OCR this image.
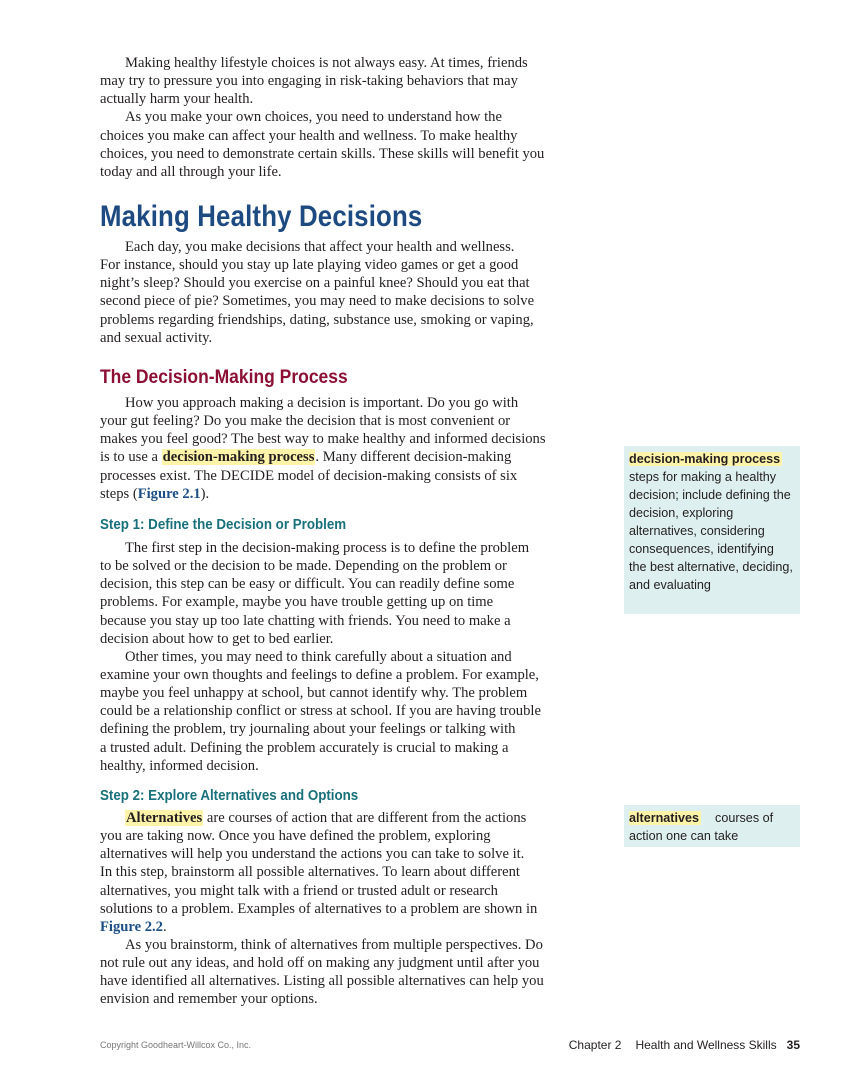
Making healthy lifestyle choices is not always easy. At times, friends
may try to pressure you into engaging in risk-taking behaviors that may
actually harm your health.
As you make your own choices, you need to understand how the
choices you make can affect your health and wellness. To make healthy
choices, you need to demonstrate certain skills. These skills will benefit you
today and all through your life.
Making Healthy Decisions
Each day, you make decisions that affect your health and wellness.
For instance, should you stay up late playing video games or get a good
night’s sleep? Should you exercise on a painful knee? Should you eat that
second piece of pie? Sometimes, you may need to make decisions to solve
problems regarding friendships, dating, substance use, smoking or vaping,
and sexual activity.
The Decision-Making Process
How you approach making a decision is important. Do you go with
your gut feeling? Do you make the decision that is most convenient or
makes you feel good? The best way to make healthy and informed decisions
is to use a decision-making process. Many different decision-making
processes exist. The DECIDE model of decision-making consists of six
steps (Figure 2.1).
Step 1: Define the Decision or Problem
The first step in the decision-making process is to define the problem
to be solved or the decision to be made. Depending on the problem or
decision, this step can be easy or difficult. You can readily define some
problems. For example, maybe you have trouble getting up on time
because you stay up too late chatting with friends. You need to make a
decision about how to get to bed earlier.
Other times, you may need to think carefully about a situation and
examine your own thoughts and feelings to define a problem. For example,
maybe you feel unhappy at school, but cannot identify why. The problem
could be a relationship conflict or stress at school. If you are having trouble
defining the problem, try journaling about your feelings or talking with
a trusted adult. Defining the problem accurately is crucial to making a
healthy, informed decision.
Step 2: Explore Alternatives and Options
Alternatives are courses of action that are different from the actions
you are taking now. Once you have defined the problem, exploring
alternatives will help you understand the actions you can take to solve it.
In this step, brainstorm all possible alternatives. To learn about different
alternatives, you might talk with a friend or trusted adult or research
solutions to a problem. Examples of alternatives to a problem are shown in
Figure 2.2.
As you brainstorm, think of alternatives from multiple perspectives. Do
not rule out any ideas, and hold off on making any judgment until after you
have identified all alternatives. Listing all possible alternatives can help you
envision and remember your options.
decision-making process    steps for making a healthy decision; include defining the decision, exploring alternatives, considering consequences, identifying the best alternative, deciding, and evaluating
alternatives courses of action one can take
Copyright Goodheart-Willcox Co., Inc.	Chapter 2 Health and Wellness Skills 35
